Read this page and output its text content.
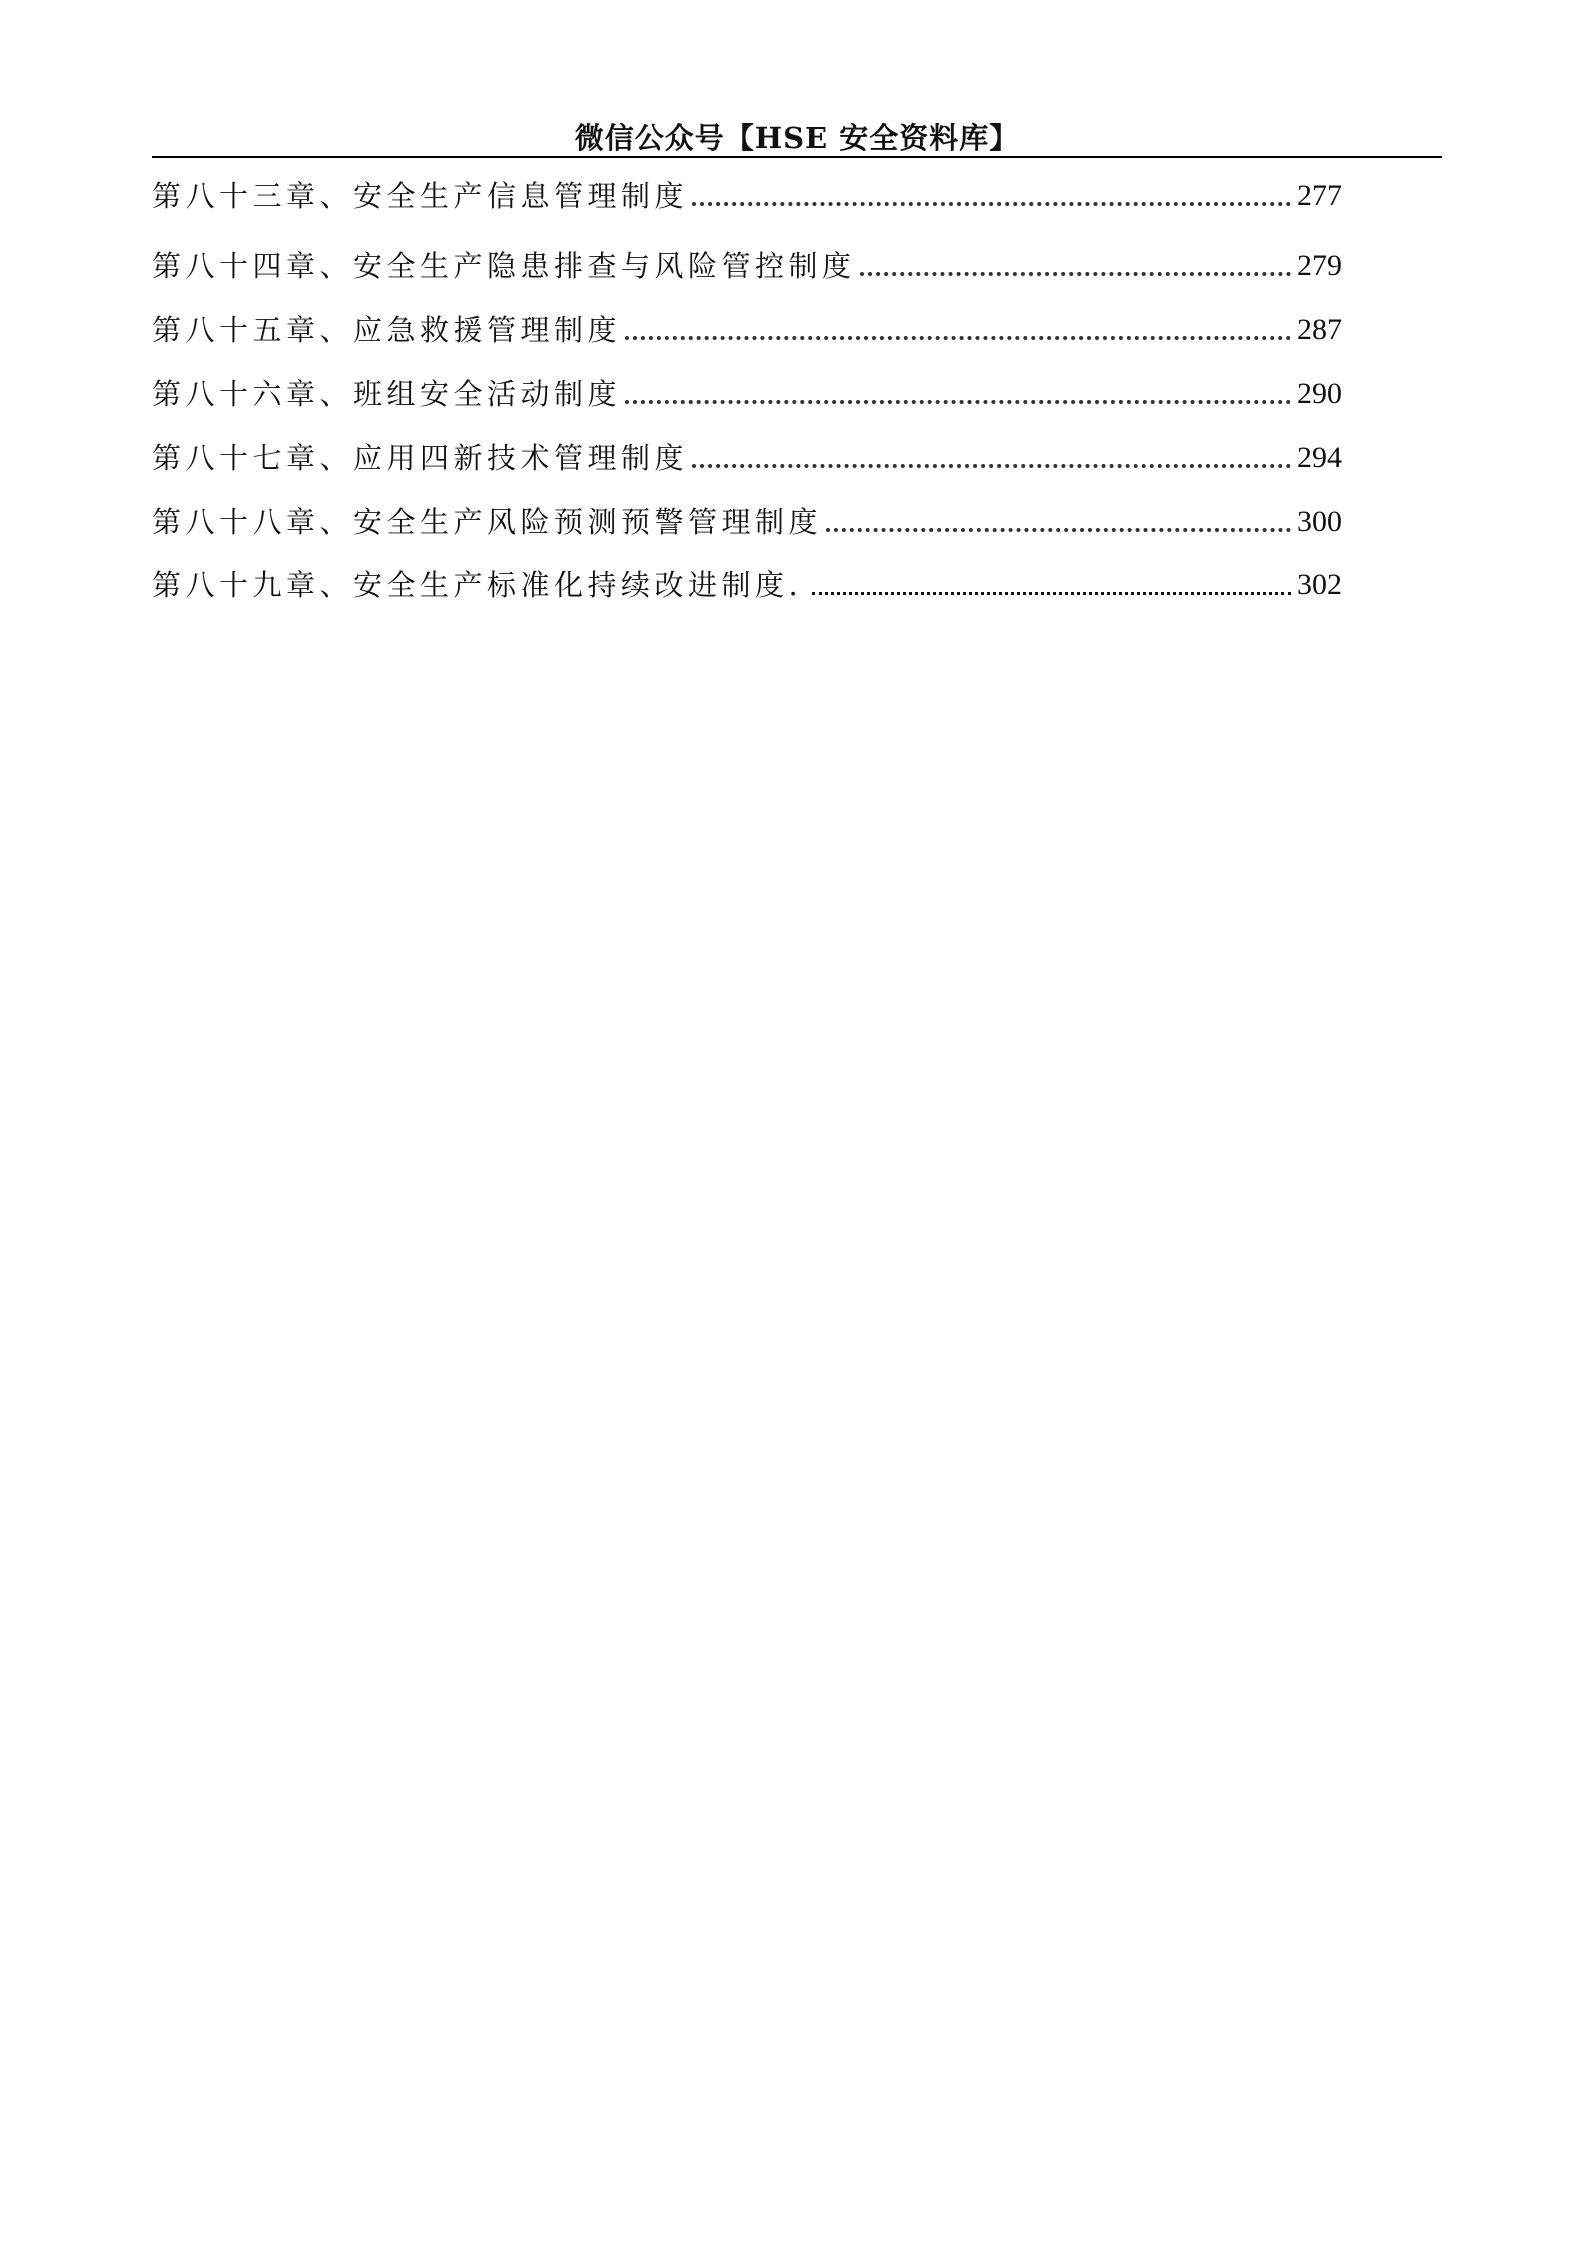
微信公众号【HSE 安全资料库】
第八十三章、安全生产信息管理制度	277
第八十四章、安全生产隐患排查与风险管控制度	279
第八十五章、应急救援管理制度	287
第八十六章、班组安全活动制度	290
第八十七章、应用四新技术管理制度	294
第八十八章、安全生产风险预测预警管理制度	300
第八十九章、安全生产标准化持续改进制度.	302
